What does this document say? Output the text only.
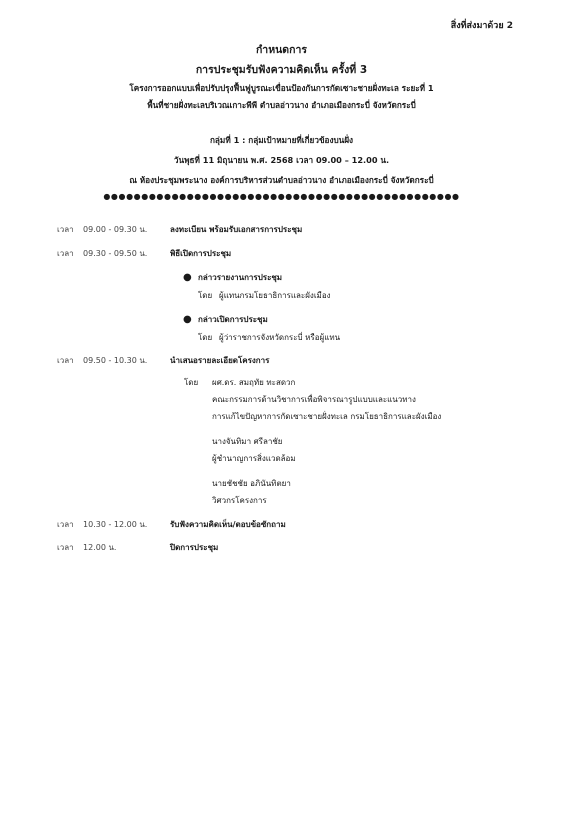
สิ่งที่ส่งมาด้วย 2
กำหนดการ
การประชุมรับฟังความคิดเห็น ครั้งที่ 3
โครงการออกแบบเพื่อปรับปรุงฟื้นฟูบูรณะเขื่อนป้องกันการกัดเซาะชายฝั่งทะเล ระยะที่ 1
พื้นที่ชายฝั่งทะเลบริเวณเกาะพีพี ตำบลอ่าวนาง อำเภอเมืองกระบี่ จังหวัดกระบี่
กลุ่มที่ 1 : กลุ่มเป้าหมายที่เกี่ยวข้องบนฝั่ง
วันพุธที่ 11 มิถุนายน พ.ศ. 2568 เวลา 09.00 – 12.00 น.
ณ ห้องประชุมพระนาง องค์การบริหารส่วนตำบลอ่าวนาง อำเภอเมืองกระบี่ จังหวัดกระบี่
●●●●●●●●●●●●●●●●●●●●●●●●●●●●●●●●●●●●●●●●●●●●●●●
เวลา 09.00 - 09.30 น.	ลงทะเบียน พร้อมรับเอกสารการประชุม
เวลา 09.30 - 09.50 น.	พิธีเปิดการประชุม
● กล่าวรายงานการประชุม
โดย ผู้แทนกรมโยธาธิการและผังเมือง
● กล่าวเปิดการประชุม
โดย ผู้ว่าราชการจังหวัดกระบี่ หรือผู้แทน
เวลา 09.50 - 10.30 น.	นำเสนอรายละเอียดโครงการ
โดย ผศ.ดร. สมฤทัย ทะสดวก
คณะกรรมการด้านวิชาการเพื่อพิจารณารูปแบบและแนวทาง
การแก้ไขปัญหาการกัดเซาะชายฝั่งทะเล กรมโยธาธิการและผังเมือง
นางจันทิมา ศรีลาชัย
ผู้ชำนาญการสิ่งแวดล้อม
นายชัชชัย อภินันทิตยา
วิศวกรโครงการ
เวลา 10.30 - 12.00 น.	รับฟังความคิดเห็น/ตอบข้อซักถาม
เวลา 12.00 น.	ปิดการประชุม
